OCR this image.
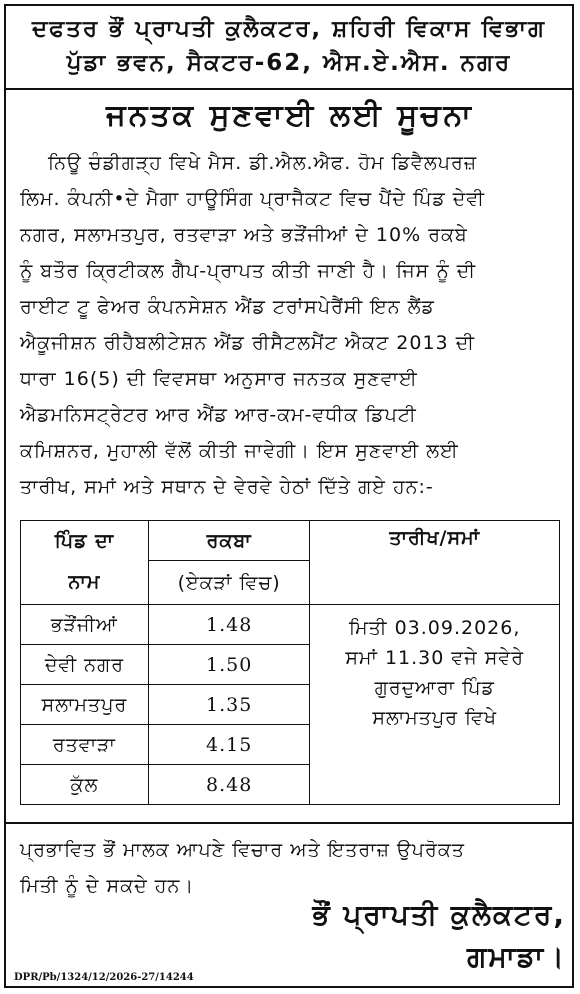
ਦਫਤਰ ਭੌਂ ਪ੍ਰਾਪਤੀ ਕੁਲੈਕਟਰ, ਸ਼ਹਿਰੀ ਵਿਕਾਸ ਵਿਭਾਗ
ਪੁੱਡਾ ਭਵਨ, ਸੈਕਟਰ-62, ਐਸ.ਏ.ਐਸ. ਨਗਰ
ਜਨਤਕ ਸੁਣਵਾਈ ਲਈ ਸੂਚਨਾ
ਨਿਊ ਚੰਡੀਗੜ੍ਹ ਵਿਖੇ ਮੈਸ. ਡੀ.ਐਲ.ਐਫ. ਹੋਮ ਡਿਵੈਲਪਰਜ਼
ਲਿਮ. ਕੰਪਨੀ•ਦੇ ਮੈਗਾ ਹਾਊਸਿੰਗ ਪ੍ਰਾਜੈਕਟ ਵਿਚ ਪੈਂਦੇ ਪਿੰਡ ਦੇਵੀ
ਨਗਰ, ਸਲਾਮਤਪੁਰ, ਰਤਵਾੜਾ ਅਤੇ ਭੜੌਂਜੀਆਂ ਦੇ 10% ਰਕਬੇ
ਨੂੰ ਬਤੌਰ ਕ੍ਰਿਟੀਕਲ ਗੈਪ-ਪ੍ਰਾਪਤ ਕੀਤੀ ਜਾਣੀ ਹੈ। ਜਿਸ ਨੂੰ ਦੀ
ਰਾਈਟ ਟੂ ਫੇਅਰ ਕੰਪਨਸੇਸ਼ਨ ਐਂਡ ਟਰਾਂਸਪੇਰੈਂਸੀ ਇਨ ਲੈਂਡ
ਐਕੂਜੀਸ਼ਨ ਰੀਹੈਬਲੀਟੇਸ਼ਨ ਐਂਡ ਰੀਸੈਟਲਮੈਂਟ ਐਕਟ 2013 ਦੀ
ਧਾਰਾ 16(5) ਦੀ ਵਿਵਸਥਾ ਅਨੁਸਾਰ ਜਨਤਕ ਸੁਣਵਾਈ
ਐਡਮਨਿਸਟ੍ਰੇਟਰ ਆਰ ਐਂਡ ਆਰ-ਕਮ-ਵਧੀਕ ਡਿਪਟੀ
ਕਮਿਸ਼ਨਰ, ਮੁਹਾਲੀ ਵੱਲੋਂ ਕੀਤੀ ਜਾਵੇਗੀ। ਇਸ ਸੁਣਵਾਈ ਲਈ
ਤਾਰੀਖ, ਸਮਾਂ ਅਤੇ ਸਥਾਨ ਦੇ ਵੇਰਵੇ ਹੇਠਾਂ ਦਿੱਤੇ ਗਏ ਹਨ:-
ਪਿੰਡ ਦਾ	ਰਕਬਾ	ਤਾਰੀਖ/ਸਮਾਂ
ਨਾਮ	(ਏਕੜਾਂ ਵਿਚ)	
ਭੜੌਂਜੀਆਂ	1.48	ਮਿਤੀ 03.09.2026,
ਸਮਾਂ 11.30 ਵਜੇ ਸਵੇਰੇ
ਗੁਰਦੁਆਰਾ ਪਿੰਡ
ਸਲਾਮਤਪੁਰ ਵਿਖੇ

ਦੇਵੀ ਨਗਰ	1.50	
ਸਲਾਮਤਪੁਰ	1.35	
ਰਤਵਾੜਾ	4.15	
ਕੁੱਲ	8.48	
ਪ੍ਰਭਾਵਿਤ ਭੌਂ ਮਾਲਕ ਆਪਣੇ ਵਿਚਾਰ ਅਤੇ ਇਤਰਾਜ਼ ਉਪਰੋਕਤ
ਮਿਤੀ ਨੂੰ ਦੇ ਸਕਦੇ ਹਨ।
ਭੌਂ ਪ੍ਰਾਪਤੀ ਕੁਲੈਕਟਰ,
ਗਮਾਡਾ।
DPR/Pb/1324/12/2026-27/14244
